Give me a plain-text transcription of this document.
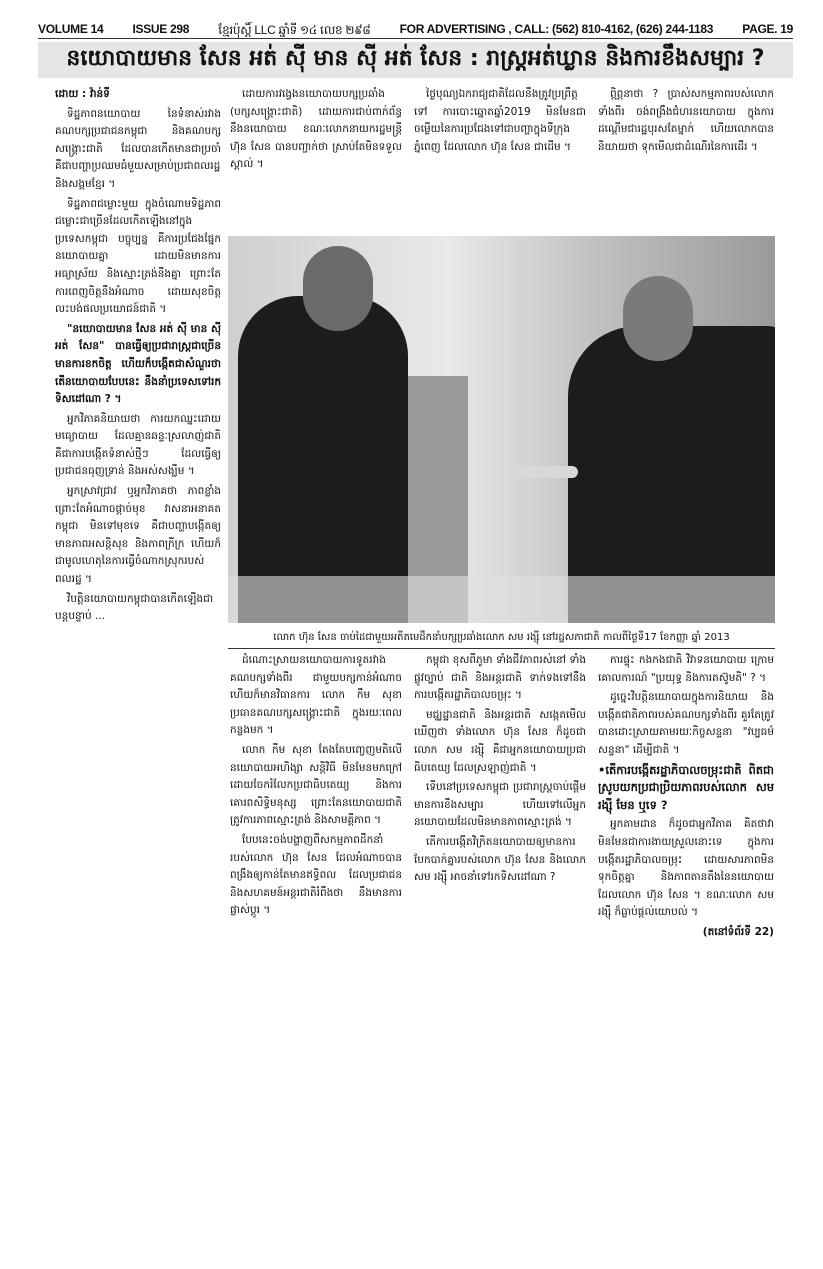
VOLUME 14 ISSUE 298 ខ្មែរប៉ុស្ដិ៍ LLC ឆ្នាំទី ១៤ លេខ ២៩៨ FOR ADVERTISING , CALL: (562) 810-4162, (626) 244-1183 PAGE. 19
នយោបាយមាន សែន អត់ ស៊ី មាន ស៊ី អត់ សែន : រាស្ត្រអត់ឃ្លាន និងការខឹងសម្បារ ?

ដោយ : វ៉ាន់ទី

ទិដ្ឋភាពនយោបាយ នៃទំនាស់រវាង គណបក្សប្រជាជនកម្ពុជា និងគណបក្សសង្គ្រោះជាតិ ដែលបានកើតមានជាប្រចាំ គឺជាបញ្ហាប្រឈមធំមួយសម្រាប់ប្រជាពលរដ្ឋ និងសង្គមខ្មែរ ។

ទិដ្ឋភាពជម្លោះមួយ ក្នុងចំណោមទិដ្ឋភាពជម្លោះជាច្រើនដែលកើតឡើងនៅក្នុងប្រទេសកម្ពុជា បច្ចុប្បន្ន គឺការប្រជែងផ្នែកនយោបាយគ្នា ដោយមិនមានការអធ្យាស្រ័យ និងស្មោះត្រង់នឹងគ្នា ព្រោះតែការពេញចិត្តនឹងអំណាច ដោយសុខចិត្តលះបង់ផលប្រយោជន៍ជាតិ ។

"នយោបាយមាន សែន អត់ ស៊ី មាន ស៊ី អត់ សែន" បានធ្វើឲ្យប្រជារាស្ត្រជាច្រើនមានការខកចិត្ត ហើយក៏បង្កើតជាសំណួរថា តើនយោបាយបែបនេះ នឹងនាំប្រទេសទៅរកទិសដៅណា ? ។

អ្នកវិភាគនិយាយថា ការយកឈ្នះដោយមធ្យោបាយ ដែលគ្មានឆន្ទៈស្រលាញ់ជាតិ គឺជាការបង្កើតទំនាស់ថ្មីៗ ដែលធ្វើឲ្យប្រជាជនធុញទ្រាន់ និងអស់សង្ឃឹម ។

អ្នកស្រាវជ្រាវ ឬអ្នកវិភាគថា ភាពខ្លាំងព្រោះតែអំណាចផ្ដាច់មុខ វាសនាអនាគតកម្ពុជា មិនទៅមុខទេ គឺជាបញ្ហាបង្កើតឲ្យមានភាពអសន្តិសុខ និងភាពក្រីក្រ ហើយក៏ជាមូលហេតុនៃការធ្វើចំណាកស្រុករបស់ពលរដ្ឋ ។

វិបត្តិនយោបាយកម្ពុជាបានកើតឡើងជាបន្តបន្ទាប់ ...

ដោយការវង្វេងនយោបាយបក្សប្រឆាំង (បក្សសង្គ្រោះជាតិ) ដោយការជាប់ពាក់ព័ន្ធនឹងនយោបាយ ខណៈលោកនាយករដ្ឋមន្ត្រីហ៊ុន សែន បានបញ្ជាក់ថា ស្រាប់តែមិនទទួលស្គាល់ ។

ថ្ងៃបុណ្យឯករាជ្យជាតិដែលនឹងត្រូវប្រព្រឹត្តទៅ ការបោះឆ្នោតឆ្នាំ2019 មិនមែនជាចម្លើយនៃការប្រជែងទៅជាបញ្ហាក្នុងទីក្រុងភ្នំពេញ ដែលលោក ហ៊ុន សែន ជាដើម ។

ពិព្ណនាថា ? ប្រាស់សកម្មភាពរបស់លោកទាំងពីរ ចង់ពង្រឹងជំហរនយោបាយ ក្នុងការដណ្ដើមជារដ្ឋបុរសតែម្នាក់ ហើយលោកបាននិយាយថា ទុកមើលជាដំណើរនៃការដើរ ។

លោក ហ៊ុន សែន ចាប់ដៃជាមួយអតីតមេដឹកនាំបក្សប្រឆាំងលោក សម រង្ស៊ី នៅរដ្ឋសភាជាតិ កាលពីថ្ងៃទី17 ខែកញ្ញា ឆ្នាំ 2013

ដំណោះស្រាយនយោបាយការទូតរវាងគណបក្សទាំងពីរ ជាមួយបក្សកាន់អំណាច ហើយក៏មានវិធានការ លោក កឹម សុខា ប្រធានគណបក្សសង្គ្រោះជាតិ ក្នុងរយៈពេលកន្លងមក ។

លោក កឹម សុខា តែងតែបញ្ចេញមតិលើនយោបាយអហិង្សា សន្តិវិធី មិនមែនមកក្រៅ ដោយចែករំលែកប្រជាធិបតេយ្យ និងការគោរពសិទ្ធិមនុស្ស ព្រោះតែនយោបាយជាតិ ត្រូវការភាពស្មោះត្រង់ និងសាមគ្គីភាព ។

បែបនេះចង់បង្ហាញពីសកម្មភាពដឹកនាំរបស់លោក ហ៊ុន សែន ដែលអំណាចបានពង្រឹងឲ្យកាន់តែមានឥទ្ធិពល ដែលប្រជាជននិងសហគមន៍អន្តរជាតិរំពឹងថា នឹងមានការផ្លាស់ប្ដូរ ។

កម្ពុជា ខុសពីភូមា ទាំងជីវភាពរស់នៅ ទាំងផ្លូវច្បាប់ ជាតិ និងអន្តរជាតិ ទាក់ទងទៅនឹងការបង្កើតរដ្ឋាភិបាលចម្រុះ ។

មជ្ឈដ្ឋានជាតិ និងអន្តរជាតិ សង្កេតមើលឃើញថា ទាំងលោក ហ៊ុន សែន ក៏ដូចជាលោក សម រង្ស៊ី គឺជាអ្នកនយោបាយប្រជាធិបតេយ្យ ដែលស្រឡាញ់ជាតិ ។

ទើបនៅប្រទេសកម្ពុជា ប្រជារាស្ត្រចាប់ផ្ដើមមានការខឹងសម្បារ ហើយទៅលើអ្នកនយោបាយដែលមិនមានភាពស្មោះត្រង់ ។

តើការបង្កើតវិក្រិតនយោបាយឲ្យមានការបែកបាក់គ្នារបស់លោក ហ៊ុន សែន និងលោក សម រង្ស៊ី អាចនាំទៅរកទិសដៅណា ?

ការផ្ទុះ កងកងជាតិ វិវាទនយោបាយ ក្រោមគោលការណ៍ "ប្រយុទ្ធ និងការតស៊ូមតិ" ? ។

ដូច្នេះវិបត្តិនយោបាយក្នុងការនិយាយ និងបង្កើតជាតិភាពរបស់គណបក្សទាំងពីរ គួរតែត្រូវបានដោះស្រាយតាមរយៈកិច្ចសន្ទនា "វប្បធម៌សន្ទនា" ដើម្បីជាតិ ។

•តើការបង្កើតរដ្ឋាភិបាលចម្រុះជាតិ ពិតជាស្រូបយកប្រជាប្រិយភាពរបស់លោក សម រង្ស៊ី មែន ឬទេ ?

អ្នកតាមដាន ក៏ដូចជាអ្នកវិភាគ គិតថាវាមិនមែនជាការងាយស្រួលនោះទេ ក្នុងការបង្កើតរដ្ឋាភិបាលចម្រុះ ដោយសារភាពមិនទុកចិត្តគ្នា និងភាពតានតឹងនៃនយោបាយ ដែលលោក ហ៊ុន សែន ។ ខណៈលោក សម រង្ស៊ី ក៏ធ្លាប់ផ្ដល់យោបល់ ។

(តនៅទំព័រទី 22)
